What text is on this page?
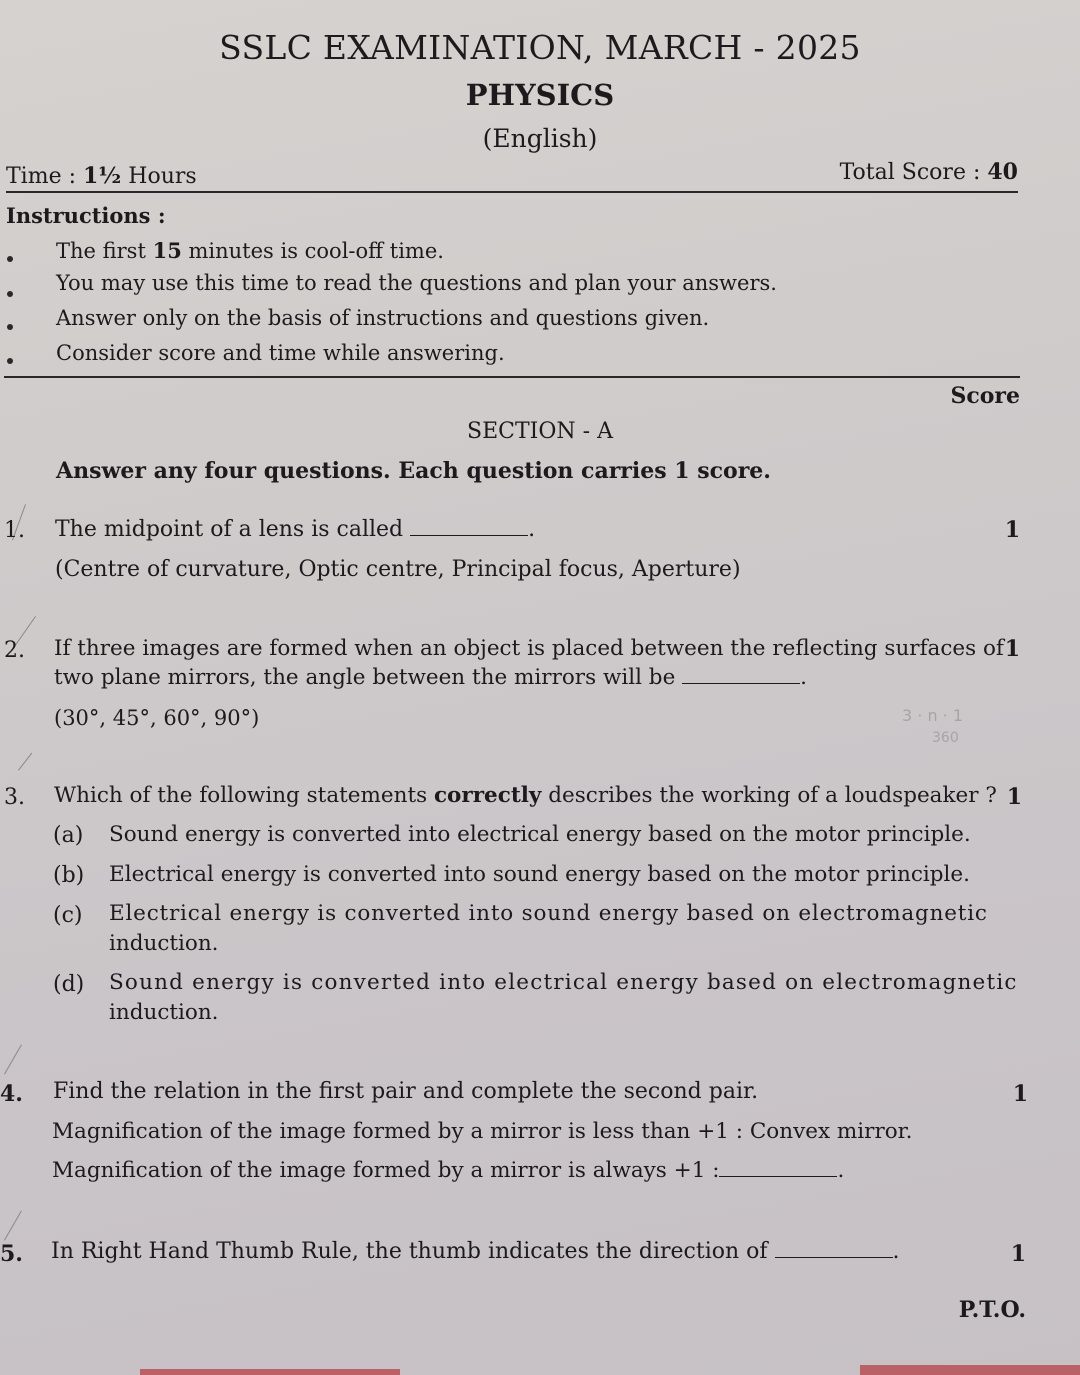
SSLC EXAMINATION, MARCH - 2025
PHYSICS
(English)
Time : 1½ Hours	Total Score : 40
Instructions :
The first 15 minutes is cool-off time.
You may use this time to read the questions and plan your answers.
Answer only on the basis of instructions and questions given.
Consider score and time while answering.
Score
SECTION - A
Answer any four questions. Each question carries 1 score.
1. The midpoint of a lens is called	.	1
(Centre of curvature, Optic centre, Principal focus, Aperture)
2. If three images are formed when an object is placed between the reflecting surfaces of 1
two plane mirrors, the angle between the mirrors will be	.
(30°, 45°, 60°, 90°)	3 · n · 1
360
3. Which of the following statements correctly describes the working of a loudspeaker ? 1
(a) Sound energy is converted into electrical energy based on the motor principle.
(b) Electrical energy is converted into sound energy based on the motor principle.
(c) Electrical energy is converted into sound energy based on electromagnetic
induction.
(d) Sound energy is converted into electrical energy based on electromagnetic
induction.
4. Find the relation in the first pair and complete the second pair.	1
Magnification of the image formed by a mirror is less than +1 : Convex mirror.
Magnification of the image formed by a mirror is always +1 :	.
5. In Right Hand Thumb Rule, the thumb indicates the direction of	.	1
P.T.O.
